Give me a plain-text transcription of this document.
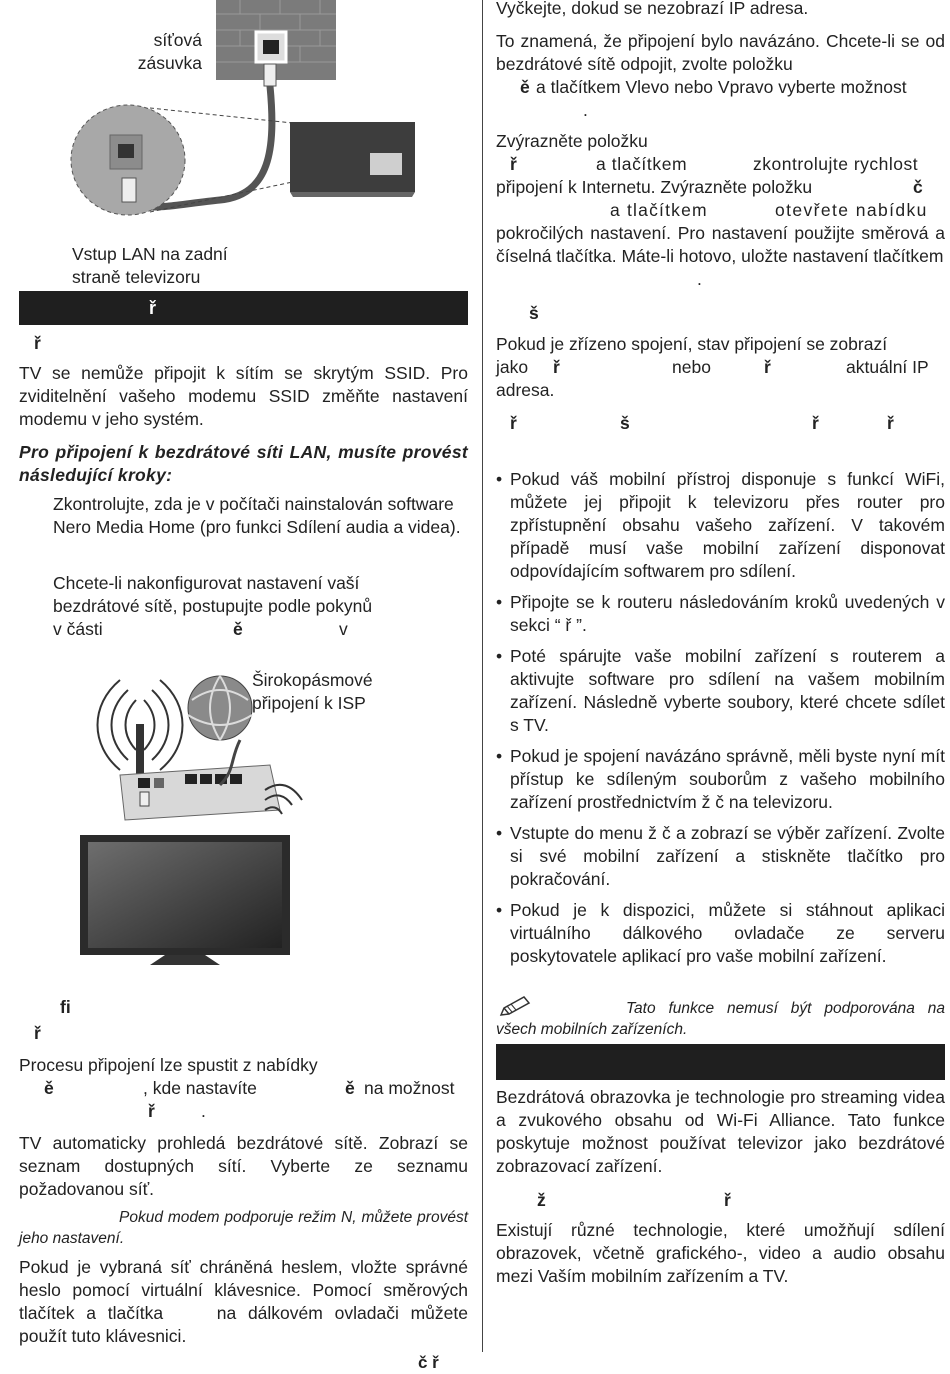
síťová
zásuvka
Vstup LAN na zadní
straně televizoru
ř
ř
TV se nemůže připojit k sítím se skrytým SSID. Pro zviditelnění vašeho modemu SSID změňte nastavení modemu v jeho systém.
Pro připojení k bezdrátové síti LAN, musíte provést následující kroky:
Zkontrolujte, zda je v počítači nainstalován software Nero Media Home (pro funkci Sdílení audia a videa).
Chcete-li nakonfigurovat nastavení vaší bezdrátové sítě, postupujte podle pokynů
v části	ě	v
Širokopásmové
připojení k ISP
fi
ř
Procesu připojení lze spustit z nabídky
ě	, kde nastavíte	ě na možnost
ř	.
TV automaticky prohledá bezdrátové sítě. Zobrazí se seznam dostupných sítí. Vyberte ze seznamu požadovanou síť.
Pokud modem podporuje režim N, můžete provést jeho nastavení.
Pokud je vybraná síť chráněná heslem, vložte správné heslo pomocí virtuální klávesnice. Pomocí směrových tlačítek a tlačítka	na dálkovém ovladači můžete použít tuto klávesnici.
Vyčkejte, dokud se nezobrazí IP adresa.
To znamená, že připojení bylo navázáno. Chcete-li se od bezdrátové sítě odpojit, zvolte položku
ě a tlačítkem Vlevo nebo Vpravo vyberte možnost
.
Zvýrazněte položku
ř	a tlačítkem	zkontrolujte rychlost
připojení k Internetu. Zvýrazněte položku	č
a tlačítkem	otevřete nabídku
pokročilých nastavení. Pro nastavení použijte směrová a číselná tlačítka. Máte-li hotovo, uložte nastavení tlačítkem
.
š
Pokud je zřízeno spojení, stav připojení se zobrazí
jako ř	nebo	ř	aktuální IP
adresa.
ř	š	ř	ř
• Pokud váš mobilní přístroj disponuje s funkcí WiFi, můžete jej připojit k televizoru přes router pro zpřístupnění obsahu vašeho zařízení. V takovém případě musí vaše mobilní zařízení disponovat odpovídajícím softwarem pro sdílení.
• Připojte se k routeru následováním kroků uvedených v sekci “ ř ”.
• Poté spárujte vaše mobilní zařízení s routerem a aktivujte software pro sdílení na vašem mobilním zařízení. Následně vyberte soubory, které chcete sdílet s TV.
• Pokud je spojení navázáno správně, měli byste nyní mít přístup ke sdíleným souborům z vašeho mobilního zařízení prostřednictvím ž č na televizoru.
• Vstupte do menu ž č a zobrazí se výběr zařízení. Zvolte si své mobilní zařízení a stiskněte tlačítko pro pokračování.
• Pokud je k dispozici, můžete si stáhnout aplikaci virtuálního dálkového ovladače ze serveru poskytovatele aplikací pro vaše mobilní zařízení.
Tato funkce nemusí být podporována na všech mobilních zařízeních.
Bezdrátová obrazovka je technologie pro streaming videa a zvukového obsahu od Wi-Fi Alliance. Tato funkce poskytuje možnost používat televizor jako bezdrátové zobrazovací zařízení.
ž	ř
Existují různé technologie, které umožňují sdílení obrazovek, včetně grafického-, video a audio obsahu mezi Vaším mobilním zařízením a TV.
č ř
